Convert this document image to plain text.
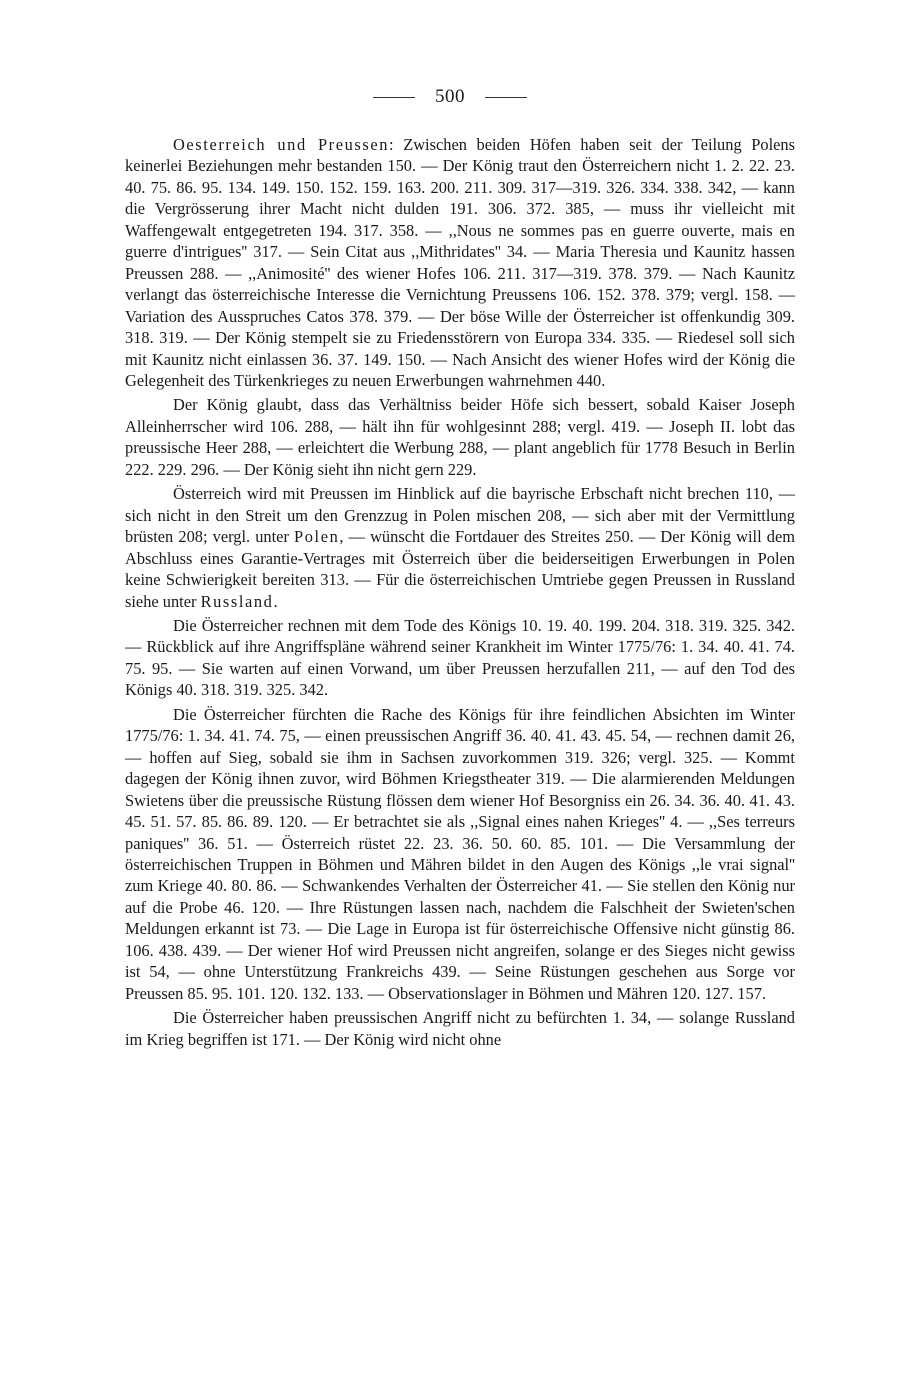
500

Oesterreich und Preussen: Zwischen beiden Höfen haben seit der Teilung Polens keinerlei Beziehungen mehr bestanden 150. — Der König traut den Österreichern nicht 1. 2. 22. 23. 40. 75. 86. 95. 134. 149. 150. 152. 159. 163. 200. 211. 309. 317—319. 326. 334. 338. 342, — kann die Vergrösserung ihrer Macht nicht dulden 191. 306. 372. 385, — muss ihr vielleicht mit Waffengewalt entgegetreten 194. 317. 358. — ,,Nous ne sommes pas en guerre ouverte, mais en guerre d'intrigues'' 317. — Sein Citat aus ,,Mithridates'' 34. — Maria Theresia und Kaunitz hassen Preussen 288. — ,,Animosité'' des wiener Hofes 106. 211. 317—319. 378. 379. — Nach Kaunitz verlangt das österreichische Interesse die Vernichtung Preussens 106. 152. 378. 379; vergl. 158. — Variation des Ausspruches Catos 378. 379. — Der böse Wille der Österreicher ist offenkundig 309. 318. 319. — Der König stempelt sie zu Friedensstörern von Europa 334. 335. — Riedesel soll sich mit Kaunitz nicht einlassen 36. 37. 149. 150. — Nach Ansicht des wiener Hofes wird der König die Gelegenheit des Türkenkrieges zu neuen Erwerbungen wahrnehmen 440.

Der König glaubt, dass das Verhältniss beider Höfe sich bessert, sobald Kaiser Joseph Alleinherrscher wird 106. 288, — hält ihn für wohlgesinnt 288; vergl. 419. — Joseph II. lobt das preussische Heer 288, — erleichtert die Werbung 288, — plant angeblich für 1778 Besuch in Berlin 222. 229. 296. — Der König sieht ihn nicht gern 229.

Österreich wird mit Preussen im Hinblick auf die bayrische Erbschaft nicht brechen 110, — sich nicht in den Streit um den Grenzzug in Polen mischen 208, — sich aber mit der Vermittlung brüsten 208; vergl. unter Polen, — wünscht die Fortdauer des Streites 250. — Der König will dem Abschluss eines Garantie-Vertrages mit Österreich über die beiderseitigen Erwerbungen in Polen keine Schwierigkeit bereiten 313. — Für die österreichischen Umtriebe gegen Preussen in Russland siehe unter Russland.

Die Österreicher rechnen mit dem Tode des Königs 10. 19. 40. 199. 204. 318. 319. 325. 342. — Rückblick auf ihre Angriffspläne während seiner Krankheit im Winter 1775/76: 1. 34. 40. 41. 74. 75. 95. — Sie warten auf einen Vorwand, um über Preussen herzufallen 211, — auf den Tod des Königs 40. 318. 319. 325. 342.

Die Österreicher fürchten die Rache des Königs für ihre feindlichen Absichten im Winter 1775/76: 1. 34. 41. 74. 75, — einen preussischen Angriff 36. 40. 41. 43. 45. 54, — rechnen damit 26, — hoffen auf Sieg, sobald sie ihm in Sachsen zuvorkommen 319. 326; vergl. 325. — Kommt dagegen der König ihnen zuvor, wird Böhmen Kriegstheater 319. — Die alarmierenden Meldungen Swietens über die preussische Rüstung flössen dem wiener Hof Besorgniss ein 26. 34. 36. 40. 41. 43. 45. 51. 57. 85. 86. 89. 120. — Er betrachtet sie als ,,Signal eines nahen Krieges'' 4. — ,,Ses terreurs paniques'' 36. 51. — Österreich rüstet 22. 23. 36. 50. 60. 85. 101. — Die Versammlung der österreichischen Truppen in Böhmen und Mähren bildet in den Augen des Königs ,,le vrai signal'' zum Kriege 40. 80. 86. — Schwankendes Verhalten der Österreicher 41. — Sie stellen den König nur auf die Probe 46. 120. — Ihre Rüstungen lassen nach, nachdem die Falschheit der Swieten'schen Meldungen erkannt ist 73. — Die Lage in Europa ist für österreichische Offensive nicht günstig 86. 106. 438. 439. — Der wiener Hof wird Preussen nicht angreifen, solange er des Sieges nicht gewiss ist 54, — ohne Unterstützung Frankreichs 439. — Seine Rüstungen geschehen aus Sorge vor Preussen 85. 95. 101. 120. 132. 133. — Observationslager in Böhmen und Mähren 120. 127. 157.

Die Österreicher haben preussischen Angriff nicht zu befürchten 1. 34, — solange Russland im Krieg begriffen ist 171. — Der König wird nicht ohne
